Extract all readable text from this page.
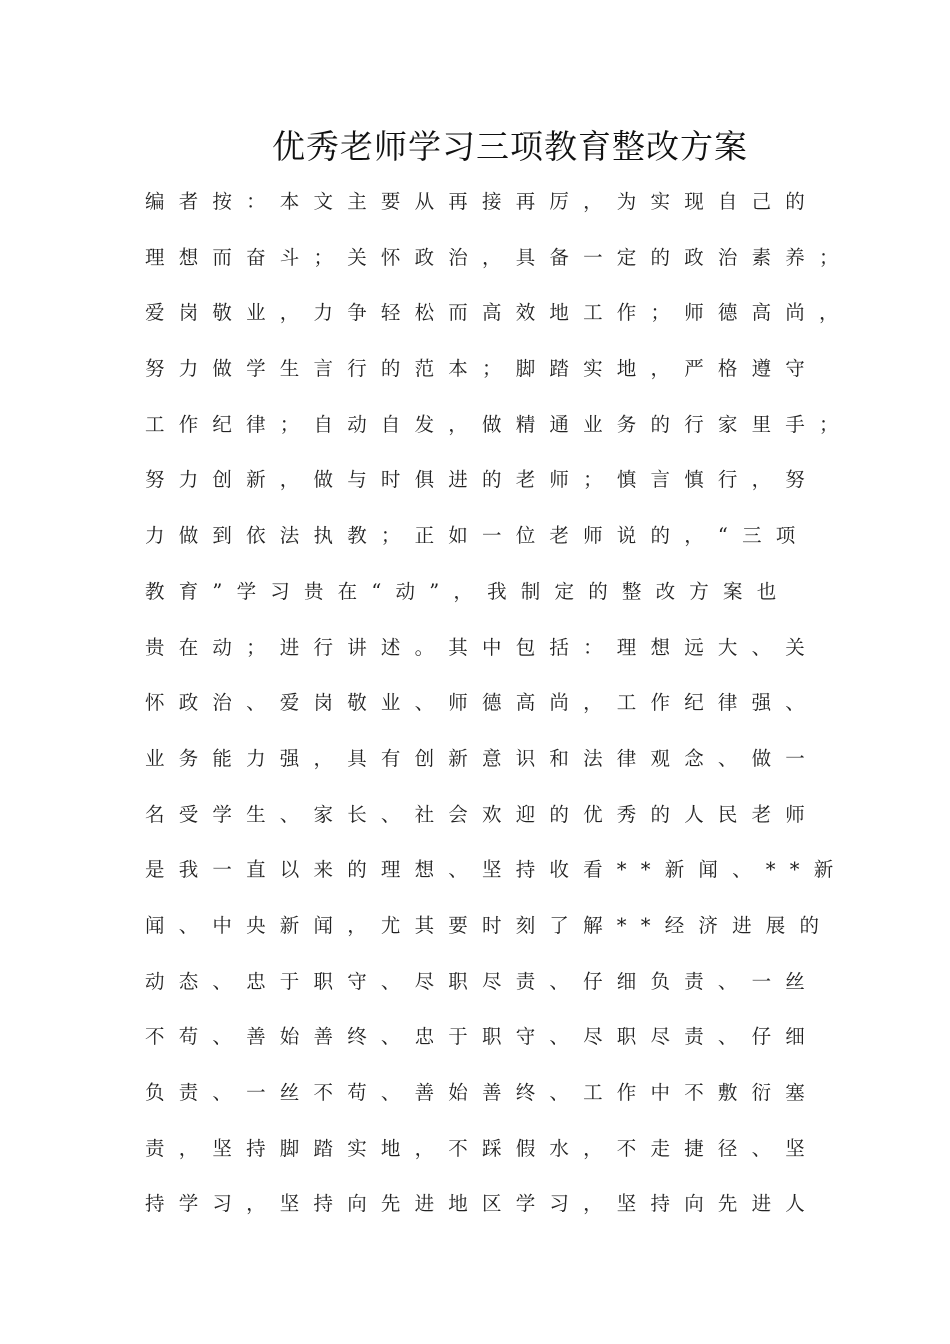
优秀老师学习三项教育整改方案
编者按：本文主要从再接再厉，为实现自己的
理想而奋斗；关怀政治，具备一定的政治素养；
爱岗敬业，力争轻松而高效地工作；师德高尚，
努力做学生言行的范本；脚踏实地，严格遵守
工作纪律；自动自发，做精通业务的行家里手；
努力创新，做与时俱进的老师；慎言慎行，努
力做到依法执教；正如一位老师说的，“三项
教育”学习贵在“动”，我制定的整改方案也
贵在动；进行讲述。其中包括：理想远大、关
怀政治、爱岗敬业、师德高尚，工作纪律强、
业务能力强，具有创新意识和法律观念、做一
名受学生、家长、社会欢迎的优秀的人民老师
是我一直以来的理想、坚持收看**新闻、**新
闻、中央新闻，尤其要时刻了解**经济进展的
动态、忠于职守、尽职尽责、仔细负责、一丝
不苟、善始善终、忠于职守、尽职尽责、仔细
负责、一丝不苟、善始善终、工作中不敷衍塞
责，坚持脚踏实地，不踩假水，不走捷径、坚
持学习，坚持向先进地区学习，坚持向先进人
